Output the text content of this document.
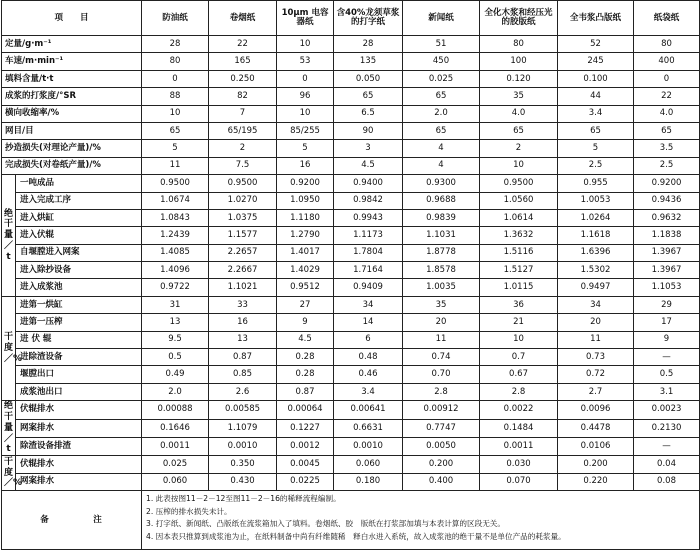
项　　目		防油纸	卷烟纸	10μm 电容器纸	含40%龙须草浆的打字纸	新闻纸	全化木浆和经压光的胶版纸	全韦浆凸版纸	纸袋纸
定量/g·m⁻¹		28	22	10	28	51	80	52	80
车速/m·min⁻¹		80	165	53	135	450	100	245	400
填料含量/t·t		0	0.250	0	0.050	0.025	0.120	0.100	0
成浆的打浆度/°SR		88	82	96	65	65	35	44	22
横向收缩率/%		10	7	10	6.5	2.0	4.0	3.4	4.0
网目/目		65	65/195	85/255	90	65	65	65	65
抄造损失(对理论产量)/%		5	2	5	3	4	2	5	3.5
完成损失(对卷纸产量)/%		11	7.5	16	4.5	4	10	2.5	2.5
绝干量／t	一吨成品	0.9500	0.9500	0.9200	0.9400	0.9300	0.9500	0.955	0.9200
	进入完成工序	1.0674	1.0270	1.0950	0.9842	0.9688	1.0560	1.0053	0.9436
	进入烘缸	1.0843	1.0375	1.1180	0.9943	0.9839	1.0614	1.0264	0.9632
	进入伏辊	1.2439	1.1577	1.2790	1.1173	1.1031	1.3632	1.1618	1.1838
	自堰膛进入网案	1.4085	2.2657	1.4017	1.7804	1.8778	1.5116	1.6396	1.3967
	进入除抄设备	1.4096	2.2667	1.4029	1.7164	1.8578	1.5127	1.5302	1.3967
	进入成浆池	0.9722	1.1021	0.9512	0.9409	1.0035	1.0115	0.9497	1.1053
干度／%	进第一烘缸	31	33	27	34	35	36	34	29
	进第一压榨	13	16	9	14	20	21	20	17
	进 伏 辊	9.5	13	4.5	6	11	10	11	9
	进除渣设备	0.5	0.87	0.28	0.48	0.74	0.7	0.73	—
	堰膛出口	0.49	0.85	0.28	0.46	0.70	0.67	0.72	0.5
	成浆池出口	2.0	2.6	0.87	3.4	2.8	2.8	2.7	3.1
绝干量／t	伏辊排水	0.00088	0.00585	0.00064	0.00641	0.00912	0.0022	0.0096	0.0023
	网案排水	0.1646	1.1079	0.1227	0.6631	0.7747	0.1484	0.4478	0.2130
	除渣设备排渣	0.0011	0.0010	0.0012	0.0010	0.0050	0.0011	0.0106	—
干度／%	伏辊排水	0.025	0.350	0.0045	0.060	0.200	0.030	0.200	0.04
	网案排水	0.060	0.430	0.0225	0.180	0.400	0.070	0.220	0.08
备　注		1. 此表按图11－2－12至图11－2－16的稀释流程编制。
2. 压榨的排水损失未计。
3. 打字纸、新闻纸、凸版纸在流浆箱加入了填料。卷烟纸、胶　版纸在打浆部加填与本表计算的区段无关。
4. 因本表只推算到成浆池为止，在纸料制备中尚有纤维随稀　释白水进入系统，故入成浆池的绝干量不是单位产品的耗浆量。							
